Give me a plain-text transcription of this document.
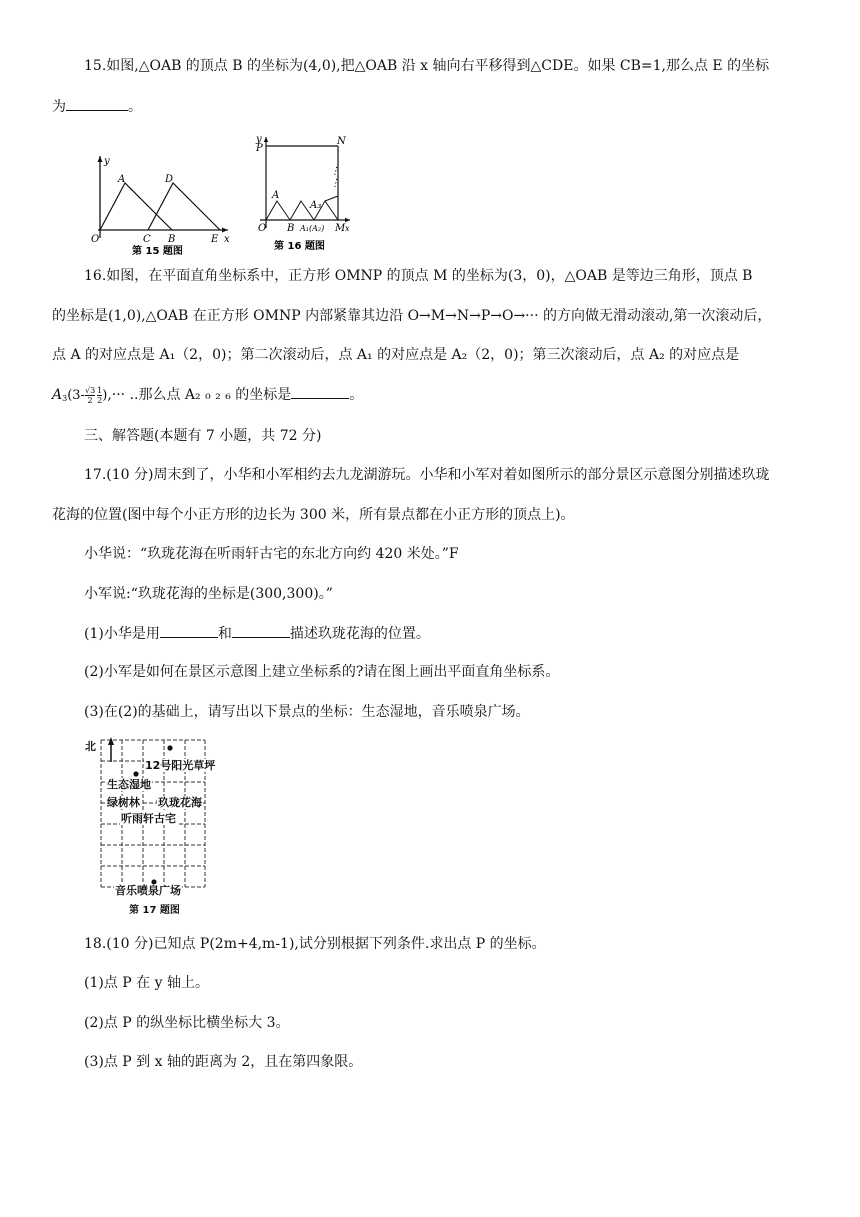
15.如图,△OAB 的顶点 B 的坐标为(4,0),把△OAB 沿 x 轴向右平移得到△CDE。如果 CB=1,那么点 E 的坐标
为	。
y
x
O
A	D
C B	E
第 15 题图
⋮
⋮
y
P
N
A
A₃
O B A₁(A₂) M x
第 16 题图
16.如图，在平面直角坐标系中，正方形 OMNP 的顶点 M 的坐标为(3，0)，△OAB 是等边三角形，顶点 B
的坐标是(1,0),△OAB 在正方形 OMNP 内部紧靠其边沿 O→M→N→P→O→··· 的方向做无滑动滚动,第一次滚动后，
点 A 的对应点是 A₁（2，0)；第二次滚动后，点 A₁ 的对应点是 A₂（2，0)；第三次滚动后，点 A₂ 的对应点是
$A_3(3- \frac{√3}{2} \frac{1}{2}$ ),··· ..那么点 A₂ ₀ ₂ ₆ 的坐标是	。
三、解答题(本题有 7 小题，共 72 分)
17.(10 分)周末到了，小华和小军相约去九龙湖游玩。小华和小军对着如图所示的部分景区示意图分别描述玖珑
花海的位置(图中每个小正方形的边长为 300 米，所有景点都在小正方形的顶点上)。
小华说：“玖珑花海在听雨轩古宅的东北方向约 420 米处。”F
小军说:“玖珑花海的坐标是(300,300)。”
(1)小华是用	和	描述玖珑花海的位置。
(2)小军是如何在景区示意图上建立坐标系的?请在图上画出平面直角坐标系。
(3)在(2)的基础上，请写出以下景点的坐标：生态湿地，音乐喷泉广场。
北
12号阳光草坪
生态湿地
绿树林 玖珑花海
听雨轩古宅
音乐喷泉广场
第 17 题图
18.(10 分)已知点 P(2m+4,m-1),试分别根据下列条件.求出点 P 的坐标。
(1)点 P 在 y 轴上。
(2)点 P 的纵坐标比横坐标大 3。
(3)点 P 到 x 轴的距离为 2，且在第四象限。
